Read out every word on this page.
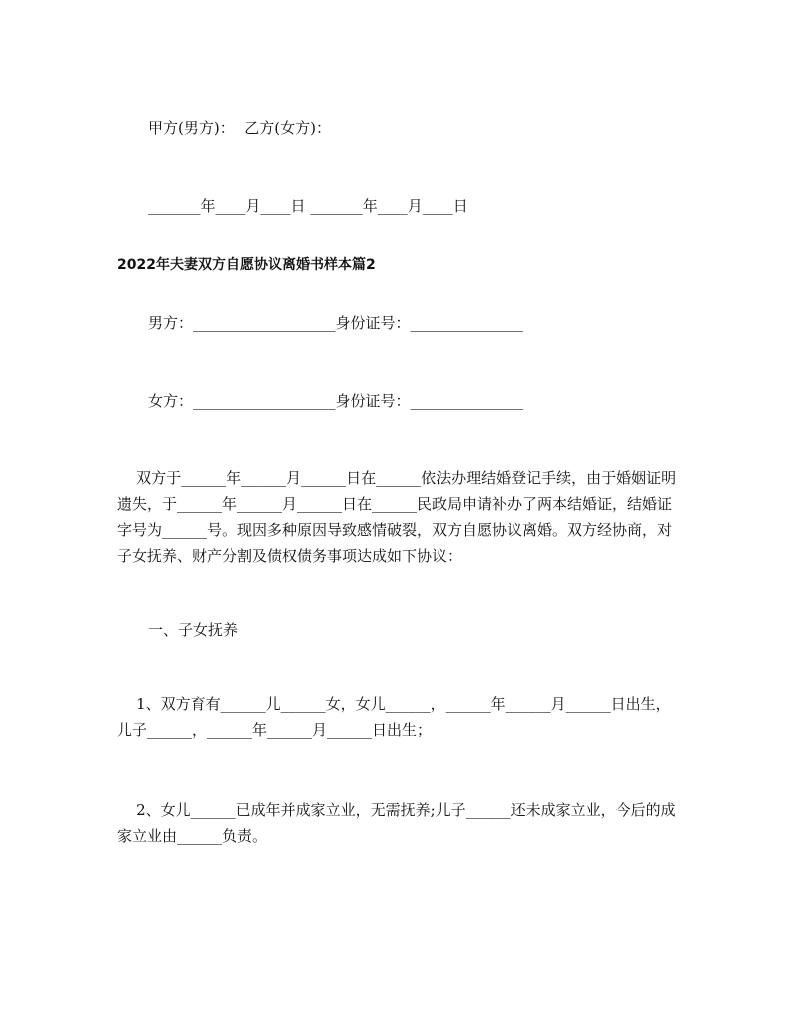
甲方(男方)：  乙方(女方)：
_______年____月____日 _______年____月____日
2022年夫妻双方自愿协议离婚书样本篇2
男方：___________________身份证号：_______________
女方：___________________身份证号：_______________
双方于______年______月______日在______依法办理结婚登记手续，由于婚姻证明遗失，于______年______月______日在______民政局申请补办了两本结婚证，结婚证字号为______号。现因多种原因导致感情破裂，双方自愿协议离婚。双方经协商，对子女抚养、财产分割及债权债务事项达成如下协议：
一、子女抚养
1、双方育有______儿______女，女儿______，______年______月______日出生，儿子______，______年______月______日出生；
2、女儿______已成年并成家立业，无需抚养;儿子______还未成家立业，今后的成家立业由______负责。
